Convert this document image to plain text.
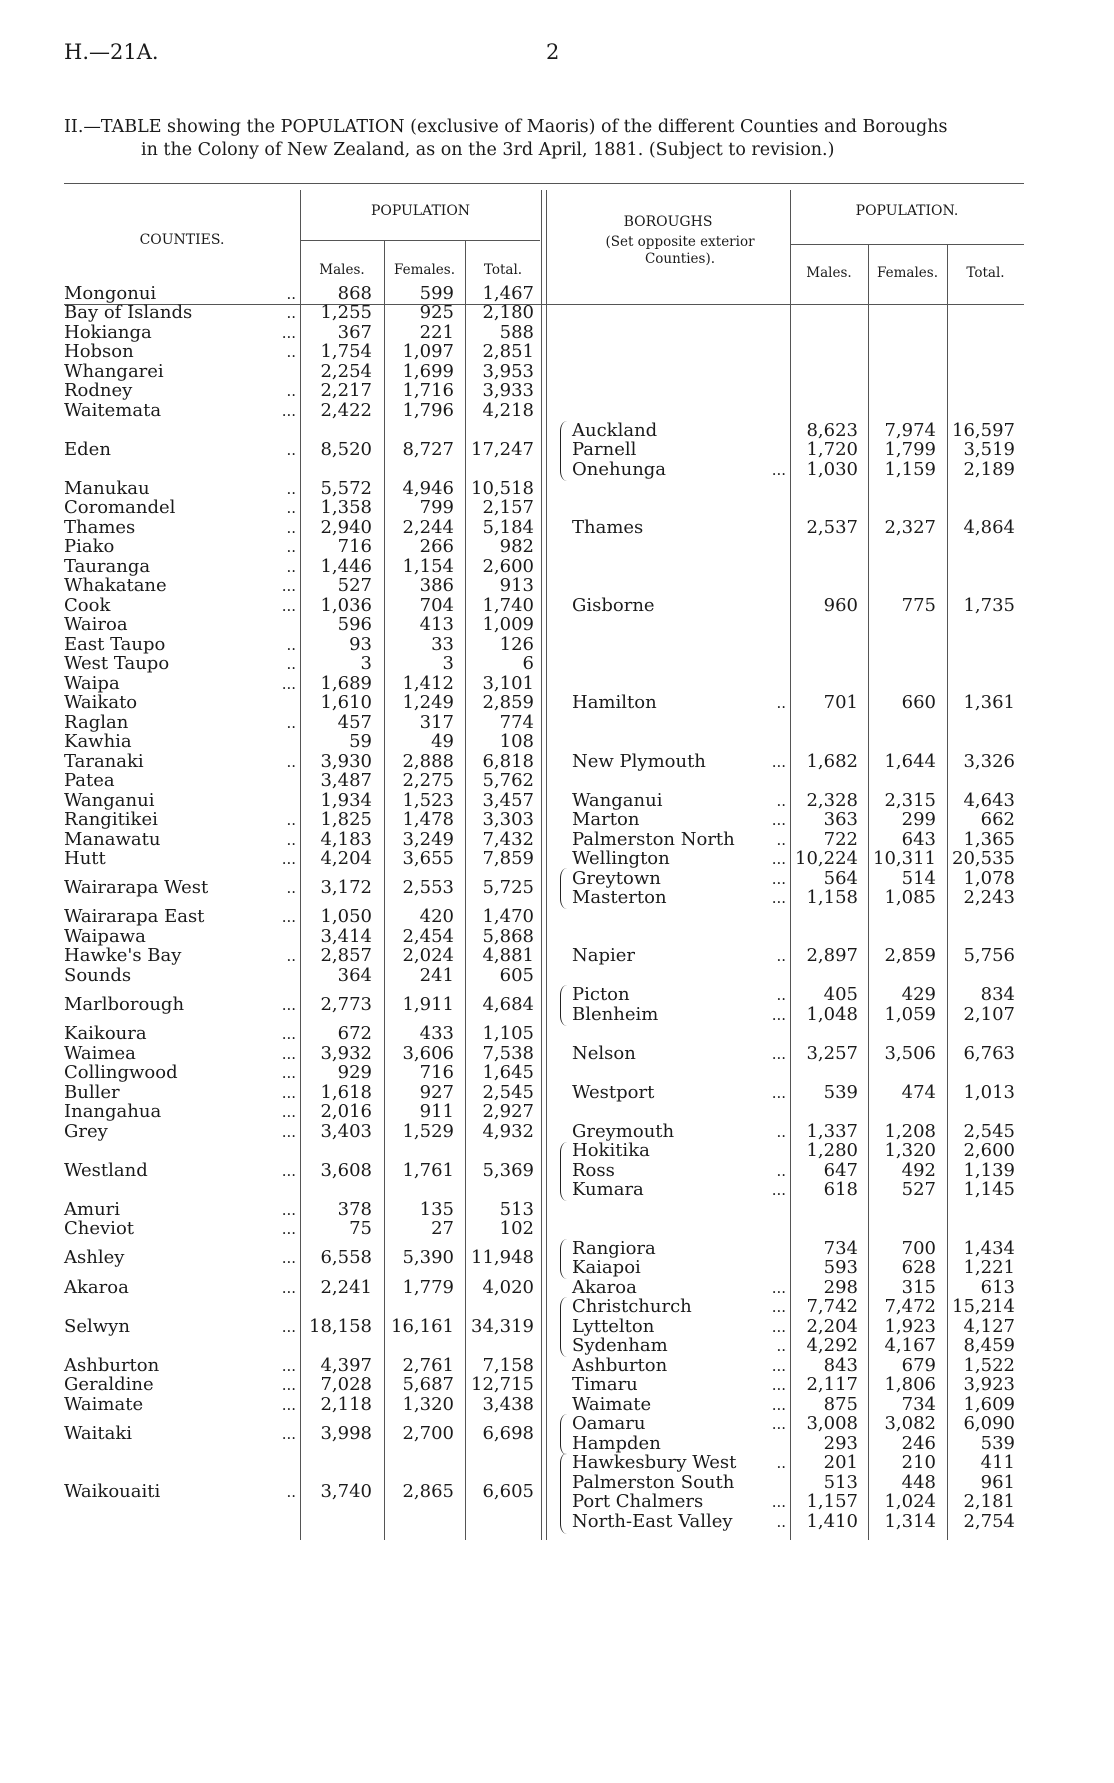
H.—21A.	2
II.—TABLE showing the POPULATION (exclusive of Maoris) of the different Counties and Boroughs
in the Colony of New Zealand, as on the 3rd April, 1881. (Subject to revision.)
COUNTIES.
POPULATION
Males.	Females.	Total.
BOROUGHS
(Set opposite exterior Counties).
POPULATION.
Males.	Females.	Total.
Mongonui	..	868	599	1,467
Bay of Islands	..	1,255	925	2,180
Hokianga	...	367	221	588
Hobson	..	1,754	1,097	2,851
Whangarei	2,254	1,699	3,953
Rodney	..	2,217	1,716	3,933
Waitemata	...	2,422	1,796	4,218
Eden	..	8,520	8,727 17,247
Manukau	..	5,572	4,946 10,518
Coromandel	..	1,358	799	2,157
Thames	..	2,940	2,244	5,184
Piako	..	716	266	982
Tauranga	..	1,446	1,154	2,600
Whakatane	...	527	386	913
Cook	...	1,036	704	1,740
Wairoa	596	413	1,009
East Taupo	..	93	33	126
West Taupo	..	3	3	6
Waipa	...	1,689	1,412	3,101
Waikato	1,610	1,249	2,859
Raglan	..	457	317	774
Kawhia	59	49	108
Taranaki	..	3,930	2,888	6,818
Patea	3,487	2,275	5,762
Wanganui	1,934	1,523	3,457
Rangitikei	..	1,825	1,478	3,303
Manawatu	..	4,183	3,249	7,432
Hutt	...	4,204	3,655	7,859
Wairarapa West	..	3,172	2,553	5,725
Wairarapa East	...	1,050	420	1,470
Waipawa	3,414	2,454	5,868
Hawke's Bay	..	2,857	2,024	4,881
Sounds	364	241	605
Marlborough	...	2,773	1,911	4,684
Kaikoura	...	672	433	1,105
Waimea	...	3,932	3,606	7,538
Collingwood	...	929	716	1,645
Buller	...	1,618	927	2,545
Inangahua	...	2,016	911	2,927
Grey	...	3,403	1,529	4,932
Westland	...	3,608	1,761	5,369
Amuri	...	378	135	513
Cheviot	...	75	27	102
Ashley	...	6,558	5,390 11,948
Akaroa	...	2,241	1,779	4,020
Selwyn	... 18,158	16,161 34,319
Ashburton	...	4,397	2,761	7,158
Geraldine	...	7,028	5,687 12,715
Waimate	...	2,118	1,320	3,438
Waitaki	...	3,998	2,700	6,698
Waikouaiti	..	3,740	2,865	6,605
Auckland	8,623	7,974 16,597
Parnell	1,720	1,799	3,519
Onehunga	...	1,030	1,159	2,189
Thames	2,537	2,327	4,864
Gisborne	960	775	1,735
Hamilton	..	701	660	1,361
New Plymouth	...	1,682	1,644	3,326
Wanganui	..	2,328	2,315	4,643
Marton	...	363	299	662
Palmerston North	..	722	643	1,365
Wellington	... 10,224 10,311 20,535
Greytown	...	564	514	1,078
Masterton	...	1,158	1,085	2,243
Napier	..	2,897	2,859	5,756
Picton	..	405	429	834
Blenheim	...	1,048	1,059	2,107
Nelson	...	3,257	3,506	6,763
Westport	...	539	474	1,013
Greymouth	..	1,337	1,208	2,545
Hokitika	1,280	1,320	2,600
Ross	..	647	492	1,139
Kumara	...	618	527	1,145
Rangiora	734	700	1,434
Kaiapoi	593	628	1,221
Akaroa	...	298	315	613
Christchurch	...	7,742	7,472 15,214
Lyttelton	...	2,204	1,923	4,127
Sydenham	..	4,292	4,167	8,459
Ashburton	...	843	679	1,522
Timaru	...	2,117	1,806	3,923
Waimate	...	875	734	1,609
Oamaru	...	3,008	3,082	6,090
Hampden	293	246	539
Hawkesbury West	..	201	210	411
Palmerston South	513	448	961
Port Chalmers	...	1,157	1,024	2,181
North-East Valley	..	1,410	1,314	2,754
